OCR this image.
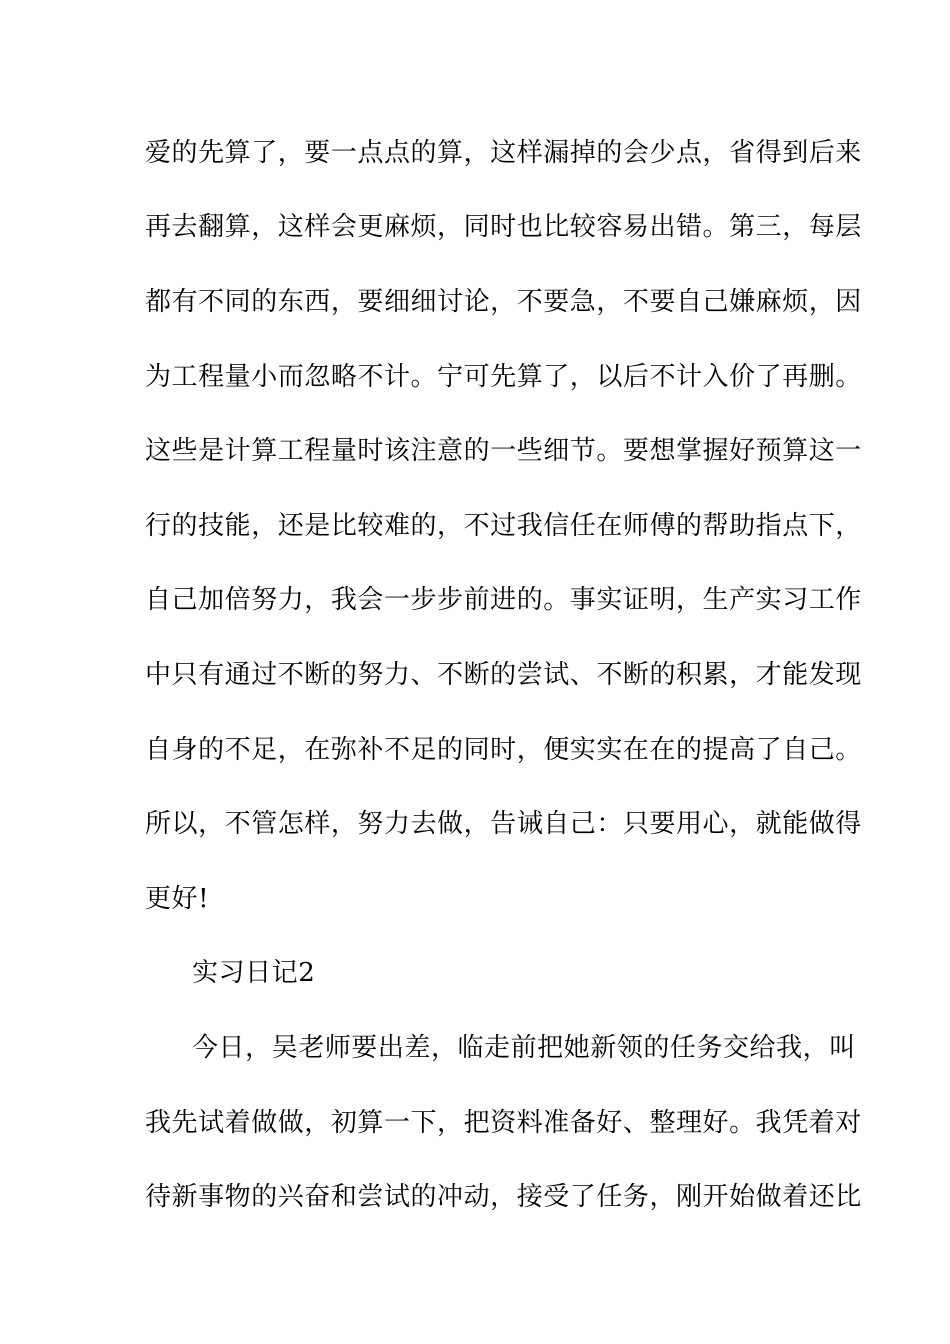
爱的先算了，要一点点的算，这样漏掉的会少点，省得到后来

再去翻算，这样会更麻烦，同时也比较容易出错。第三，每层

都有不同的东西，要细细讨论，不要急，不要自己嫌麻烦，因

为工程量小而忽略不计。宁可先算了，以后不计入价了再删。

这些是计算工程量时该注意的一些细节。要想掌握好预算这一

行的技能，还是比较难的，不过我信任在师傅的帮助指点下，

自己加倍努力，我会一步步前进的。事实证明，生产实习工作

中只有通过不断的努力、不断的尝试、不断的积累，才能发现

自身的不足，在弥补不足的同时，便实实在在的提高了自己。

所以，不管怎样，努力去做，告诫自己：只要用心，就能做得

更好!

实习日记2

今日，吴老师要出差，临走前把她新领的任务交给我，叫

我先试着做做，初算一下，把资料准备好、整理好。我凭着对

待新事物的兴奋和尝试的冲动，接受了任务，刚开始做着还比
